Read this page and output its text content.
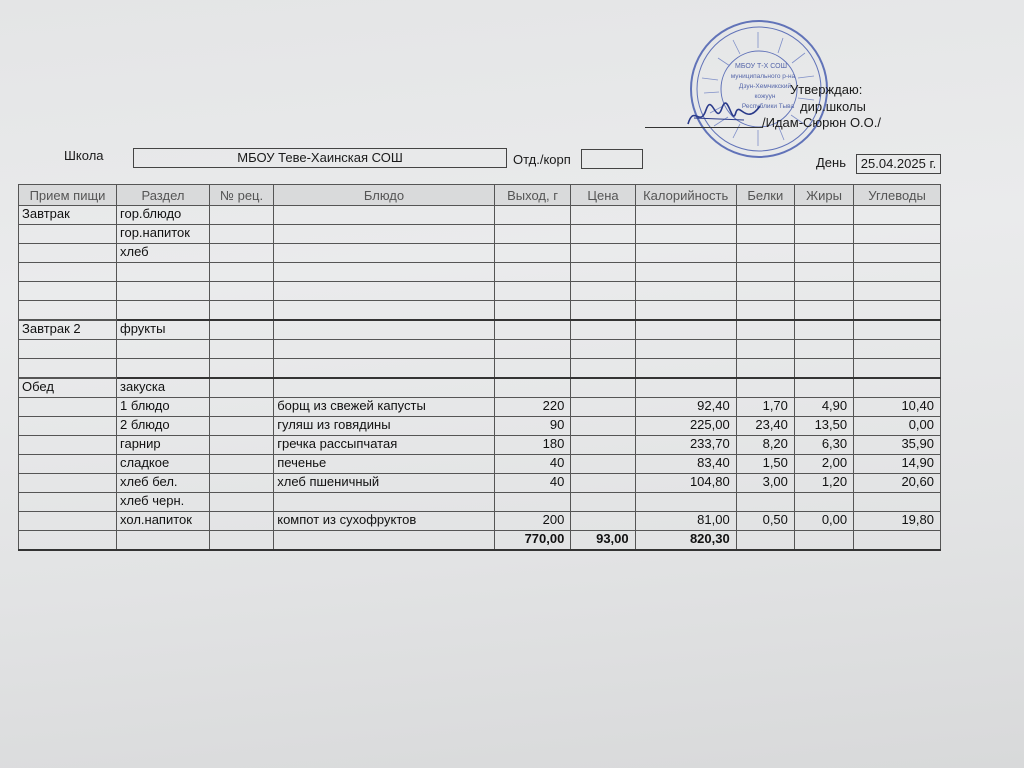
МБОУ Т-Х СОШ
муниципального р-на
Дзун-Хемчикский
кожуун
Республики Тыва
Утверждаю:
дир.школы
/Идам-Сюрюн О.О./
Школа	МБОУ Теве-Хаинская СОШ	Отд./корп	День	25.04.2025 г.
Прием пищи	Раздел	№ рец.	Блюдо	Выход, г	Цена	Калорийность	Белки	Жиры	Углеводы
Завтрак	гор.блюдо								
	гор.напиток								
	хлеб								

Завтрак 2	фрукты								

Обед	закуска								
	1 блюдо		борщ из свежей капусты	220		92,40	1,70	4,90	10,40
	2 блюдо		гуляш из говядины	90		225,00	23,40	13,50	0,00
	гарнир		гречка рассыпчатая	180		233,70	8,20	6,30	35,90
	сладкое		печенье	40		83,40	1,50	2,00	14,90
	хлеб бел.		хлеб пшеничный	40		104,80	3,00	1,20	20,60
	хлеб черн.								
	хол.напиток		компот из сухофруктов	200		81,00	0,50	0,00	19,80
				770,00	93,00	820,30			
